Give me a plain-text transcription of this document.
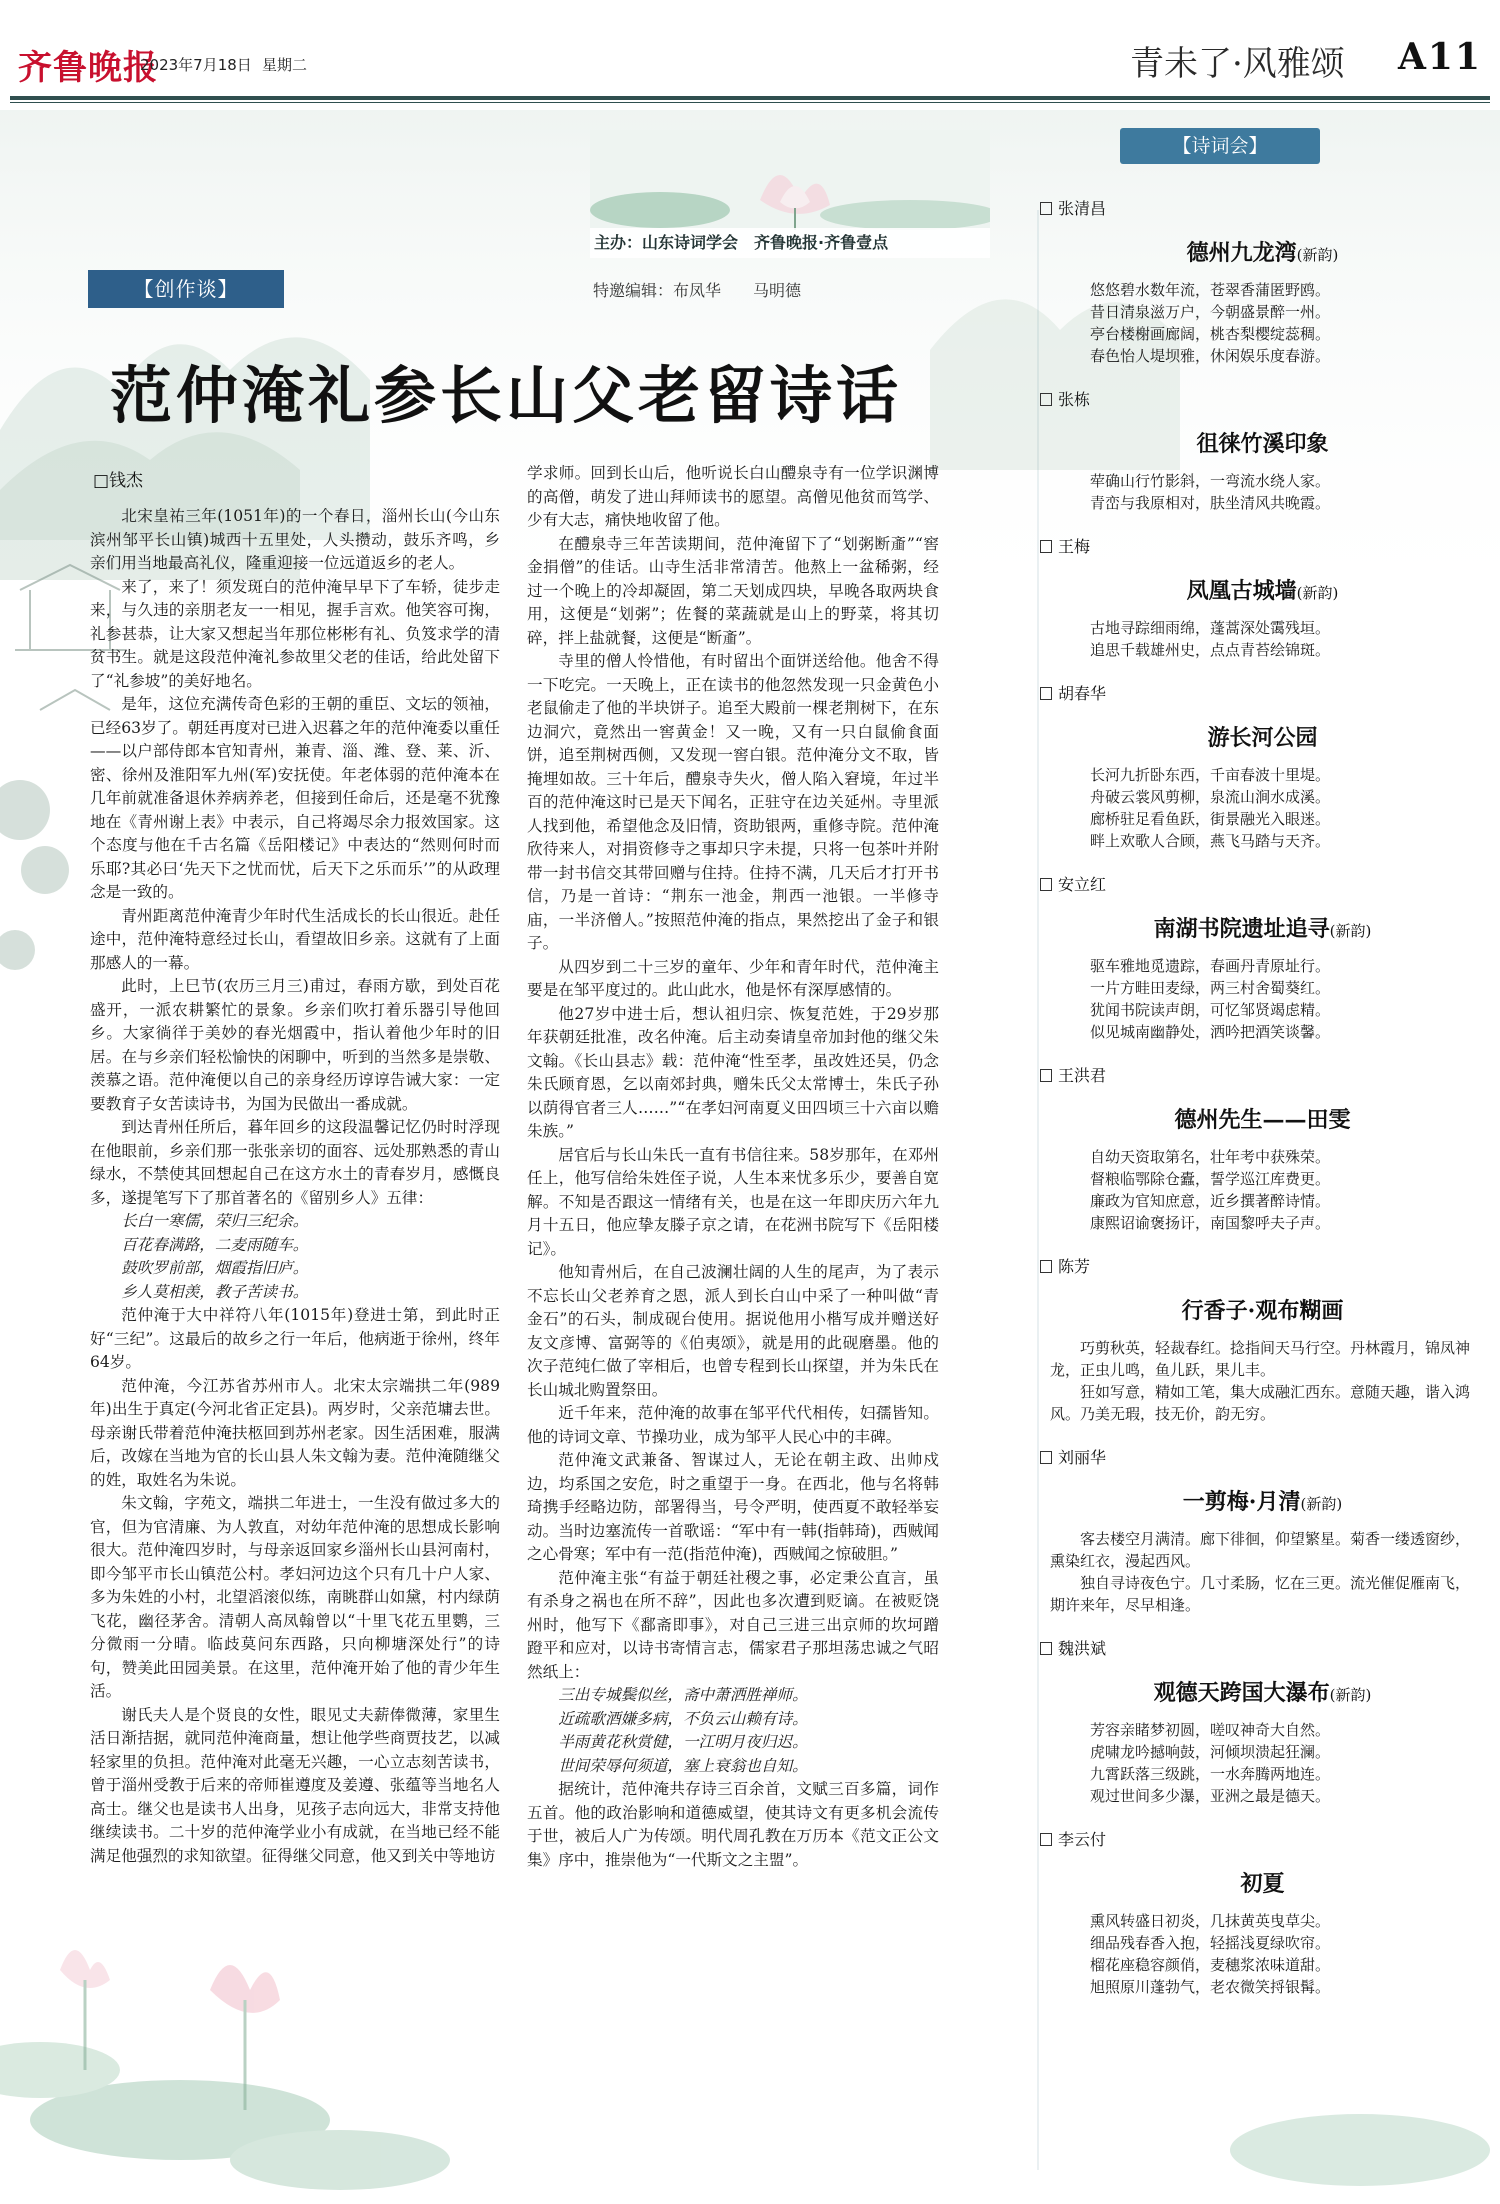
齐鲁晚报
2023年7月18日 星期二	青未了·风雅颂 A11
主办：山东诗词学会　齐鲁晚报·齐鲁壹点
特邀编辑：布凤华　　马明德
【创作谈】
范仲淹礼参长山父老留诗话
□钱杰
北宋皇祐三年(1051年)的一个春日，淄州长山(今山东滨州邹平长山镇)城西十五里处，人头攒动，鼓乐齐鸣，乡亲们用当地最高礼仪，隆重迎接一位远道返乡的老人。
来了，来了！须发斑白的范仲淹早早下了车轿，徒步走来，与久违的亲朋老友一一相见，握手言欢。他笑容可掬，礼参甚恭，让大家又想起当年那位彬彬有礼、负笈求学的清贫书生。就是这段范仲淹礼参故里父老的佳话，给此处留下了“礼参坡”的美好地名。
是年，这位充满传奇色彩的王朝的重臣、文坛的领袖，已经63岁了。朝廷再度对已进入迟暮之年的范仲淹委以重任——以户部侍郎本官知青州，兼青、淄、潍、登、莱、沂、密、徐州及淮阳军九州(军)安抚使。年老体弱的范仲淹本在几年前就准备退休养病养老，但接到任命后，还是毫不犹豫地在《青州谢上表》中表示，自己将竭尽余力报效国家。这个态度与他在千古名篇《岳阳楼记》中表达的“然则何时而乐耶?其必曰‘先天下之忧而忧，后天下之乐而乐’”的从政理念是一致的。
青州距离范仲淹青少年时代生活成长的长山很近。赴任途中，范仲淹特意经过长山，看望故旧乡亲。这就有了上面那感人的一幕。
此时，上巳节(农历三月三)甫过，春雨方歇，到处百花盛开，一派农耕繁忙的景象。乡亲们吹打着乐器引导他回乡。大家徜徉于美妙的春光烟霞中，指认着他少年时的旧居。在与乡亲们轻松愉快的闲聊中，听到的当然多是崇敬、羡慕之语。范仲淹便以自己的亲身经历谆谆告诫大家：一定要教育子女苦读诗书，为国为民做出一番成就。
到达青州任所后，暮年回乡的这段温馨记忆仍时时浮现在他眼前，乡亲们那一张张亲切的面容、远处那熟悉的青山绿水，不禁使其回想起自己在这方水土的青春岁月，感慨良多，遂提笔写下了那首著名的《留别乡人》五律：
长白一寒儒，荣归三纪余。
百花春满路，二麦雨随车。
鼓吹罗前部，烟霞指旧庐。
乡人莫相羡，教子苦读书。
范仲淹于大中祥符八年(1015年)登进士第，到此时正好“三纪”。这最后的故乡之行一年后，他病逝于徐州，终年64岁。
范仲淹，今江苏省苏州市人。北宋太宗端拱二年(989年)出生于真定(今河北省正定县)。两岁时，父亲范墉去世。母亲谢氏带着范仲淹扶柩回到苏州老家。因生活困难，服满后，改嫁在当地为官的长山县人朱文翰为妻。范仲淹随继父的姓，取姓名为朱说。
朱文翰，字苑文，端拱二年进士，一生没有做过多大的官，但为官清廉、为人敦直，对幼年范仲淹的思想成长影响很大。范仲淹四岁时，与母亲返回家乡淄州长山县河南村，即今邹平市长山镇范公村。孝妇河边这个只有几十户人家、多为朱姓的小村，北望滔滚似练，南眺群山如黛，村内绿荫飞花，幽径茅舍。清朝人高凤翰曾以“十里飞花五里鹦，三分微雨一分晴。临歧莫问东西路，只向柳塘深处行”的诗句，赞美此田园美景。在这里，范仲淹开始了他的青少年生活。
谢氏夫人是个贤良的女性，眼见丈夫薪俸微薄，家里生活日渐拮据，就同范仲淹商量，想让他学些商贾技艺，以减轻家里的负担。范仲淹对此毫无兴趣，一心立志刻苦读书，曾于淄州受教于后来的帝师崔遵度及姜遵、张蕴等当地名人高士。继父也是读书人出身，见孩子志向远大，非常支持他继续读书。二十岁的范仲淹学业小有成就，在当地已经不能满足他强烈的求知欲望。征得继父同意，他又到关中等地访
学求师。回到长山后，他听说长白山醴泉寺有一位学识渊博的高僧，萌发了进山拜师读书的愿望。高僧见他贫而笃学、少有大志，痛快地收留了他。
在醴泉寺三年苦读期间，范仲淹留下了“划粥断齑”“窖金捐僧”的佳话。山寺生活非常清苦。他熬上一盆稀粥，经过一个晚上的冷却凝固，第二天划成四块，早晚各取两块食用，这便是“划粥”；佐餐的菜蔬就是山上的野菜，将其切碎，拌上盐就餐，这便是“断齑”。
寺里的僧人怜惜他，有时留出个面饼送给他。他舍不得一下吃完。一天晚上，正在读书的他忽然发现一只金黄色小老鼠偷走了他的半块饼子。追至大殿前一棵老荆树下，在东边洞穴，竟然出一窖黄金！又一晚，又有一只白鼠偷食面饼，追至荆树西侧，又发现一窖白银。范仲淹分文不取，皆掩埋如故。三十年后，醴泉寺失火，僧人陷入窘境，年过半百的范仲淹这时已是天下闻名，正驻守在边关延州。寺里派人找到他，希望他念及旧情，资助银两，重修寺院。范仲淹欣待来人，对捐资修寺之事却只字未提，只将一包茶叶并附带一封书信交其带回赠与住持。住持不满，几天后才打开书信，乃是一首诗：“荆东一池金，荆西一池银。一半修寺庙，一半济僧人。”按照范仲淹的指点，果然挖出了金子和银子。
从四岁到二十三岁的童年、少年和青年时代，范仲淹主要是在邹平度过的。此山此水，他是怀有深厚感情的。
他27岁中进士后，想认祖归宗、恢复范姓，于29岁那年获朝廷批准，改名仲淹。后主动奏请皇帝加封他的继父朱文翰。《长山县志》载：范仲淹“性至孝，虽改姓还吴，仍念朱氏顾育恩，乞以南郊封典，赠朱氏父太常博士，朱氏子孙以荫得官者三人……”“在孝妇河南夏义田四顷三十六亩以赡朱族。”
居官后与长山朱氏一直有书信往来。58岁那年，在邓州任上，他写信给朱姓侄子说，人生本来忧多乐少，要善自宽解。不知是否跟这一情绪有关，也是在这一年即庆历六年九月十五日，他应挚友滕子京之请，在花洲书院写下《岳阳楼记》。
他知青州后，在自己波澜壮阔的人生的尾声，为了表示不忘长山父老养育之恩，派人到长白山中采了一种叫做“青金石”的石头，制成砚台使用。据说他用小楷写成并赠送好友文彦博、富弼等的《伯夷颂》，就是用的此砚磨墨。他的次子范纯仁做了宰相后，也曾专程到长山探望，并为朱氏在长山城北购置祭田。
近千年来，范仲淹的故事在邹平代代相传，妇孺皆知。他的诗词文章、节操功业，成为邹平人民心中的丰碑。
范仲淹文武兼备、智谋过人，无论在朝主政、出帅戍边，均系国之安危，时之重望于一身。在西北，他与名将韩琦携手经略边防，部署得当，号令严明，使西夏不敢轻举妄动。当时边塞流传一首歌谣：“军中有一韩(指韩琦)，西贼闻之心骨寒；军中有一范(指范仲淹)，西贼闻之惊破胆。”
范仲淹主张“有益于朝廷社稷之事，必定秉公直言，虽有杀身之祸也在所不辞”，因此也多次遭到贬谪。在被贬饶州时，他写下《鄱斋即事》，对自己三进三出京师的坎坷蹭蹬平和应对，以诗书寄情言志，儒家君子那坦荡忠诚之气昭然纸上：
三出专城鬓似丝，斋中萧洒胜禅师。
近疏歌酒嫌多病，不负云山赖有诗。
半雨黄花秋赏健，一江明月夜归迟。
世间荣辱何须道，塞上衰翁也自知。
据统计，范仲淹共存诗三百余首，文赋三百多篇，词作五首。他的政治影响和道德威望，使其诗文有更多机会流传于世，被后人广为传颂。明代周孔教在万历本《范文正公文集》序中，推崇他为“一代斯文之主盟”。
【诗词会】
张清昌
德州九龙湾(新韵)
悠悠碧水数年流，苍翠香蒲匿野鸥。
昔日清泉滋万户，今朝盛景醉一州。
亭台楼榭画廊阔，桃杏梨樱绽蕊稠。
春色怡人堤坝雅，休闲娱乐度春游。
张栋
徂徕竹溪印象
荦确山行竹影斜，一弯流水绕人家。
青峦与我原相对，肤坐清风共晚霞。
王梅
凤凰古城墙(新韵)
古地寻踪细雨绵，蓬蒿深处霭残垣。
追思千载雄州史，点点青苔绘锦斑。
胡春华
游长河公园
长河九折卧东西，千亩春波十里堤。
舟破云裳风剪柳，泉流山涧水成溪。
廊桥驻足看鱼跃，街景融光入眼迷。
畔上欢歌人合顾，燕飞马踏与天齐。
安立红
南湖书院遗址追寻(新韵)
驱车雅地觅遗踪，春画丹青原址行。
一片方畦田麦绿，两三村舍蜀葵红。
犹闻书院读声朗，可忆邹贤竭虑精。
似见城南幽静处，洒吟把酒笑谈馨。
王洪君
德州先生——田雯
自幼天资取第名，壮年考中获殊荣。
督粮临鄂除仓蠹，誓学巡江库费更。
廉政为官知庶意，近乡撰著醉诗情。
康熙诏谕褒扬讦，南国黎呼夫子声。
陈芳
行香子·观布糊画
巧剪秋英，轻裁春红。捻指间天马行空。丹林霞月，锦凤神龙，正虫儿鸣，鱼儿跃，果儿丰。
狂如写意，精如工笔，集大成融汇西东。意随天趣，谐入鸿风。乃美无瑕，技无价，韵无穷。
刘丽华
一剪梅·月清(新韵)
客去楼空月满清。廊下徘徊，仰望繁星。菊香一缕透窗纱，熏染红衣，漫起西风。
独自寻诗夜色宁。几寸柔肠，忆在三更。流光催促雁南飞，期许来年，尽早相逢。
魏洪斌
观德天跨国大瀑布(新韵)
芳容亲睹梦初圆，嗟叹神奇大自然。
虎啸龙吟撼响鼓，河倾坝溃起狂澜。
九霄跃落三级跳，一水奔腾两地连。
观过世间多少瀑，亚洲之最是德天。
李云付
初夏
熏风转盛日初炎，几抹黄英曳草尖。
细品残春香入抱，轻摇浅夏绿吹帘。
榴花座稳容颜俏，麦穗浆浓味道甜。
旭照原川蓬勃气，老农微笑捋银髯。
